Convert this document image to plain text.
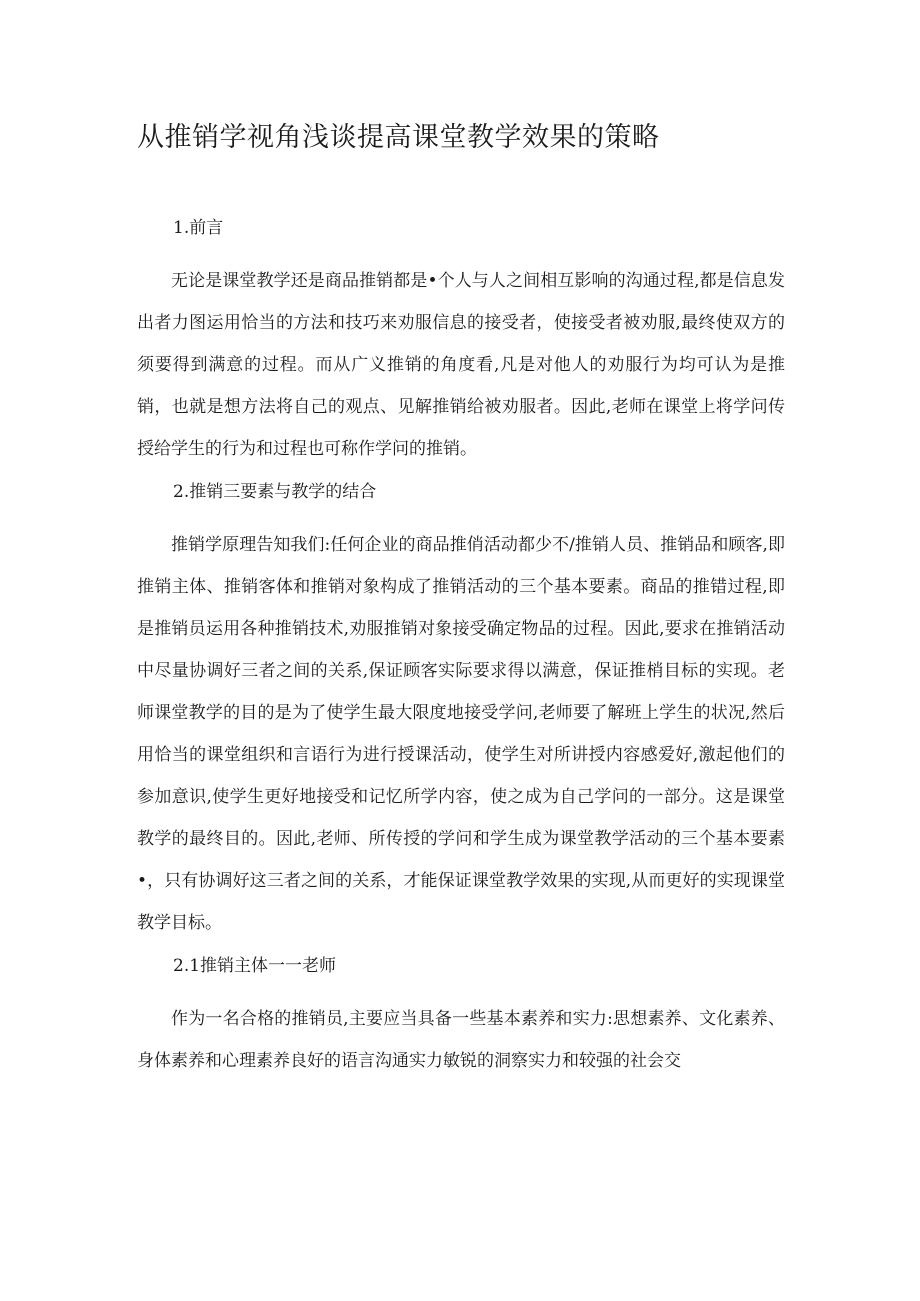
从推销学视角浅谈提高课堂教学效果的策略

1.前言

无论是课堂教学还是商品推销都是•个人与人之间相互影响的沟通过程,都是信息发出者力图运用恰当的方法和技巧来劝服信息的接受者，使接受者被劝服,最终使双方的须要得到满意的过程。而从广义推销的角度看,凡是对他人的劝服行为均可认为是推销，也就是想方法将自己的观点、见解推销给被劝服者。因此,老师在课堂上将学问传授给学生的行为和过程也可称作学问的推销。

2.推销三要素与教学的结合

推销学原理告知我们:任何企业的商品推俏活动都少不/推销人员、推销品和顾客,即推销主体、推销客体和推销对象构成了推销活动的三个基本要素。商品的推错过程,即是推销员运用各种推销技术,劝服推销对象接受确定物品的过程。因此,要求在推销活动中尽量协调好三者之间的关系,保证顾客实际要求得以满意，保证推梢目标的实现。老师课堂教学的目的是为了使学生最大限度地接受学问,老师要了解班上学生的状况,然后用恰当的课堂组织和言语行为进行授课活动，使学生对所讲授内容感爱好,激起他们的参加意识,使学生更好地接受和记忆所学内容，使之成为自己学问的一部分。这是课堂教学的最终目的。因此,老师、所传授的学问和学生成为课堂教学活动的三个基本要素•，只有协调好这三者之间的关系，才能保证课堂教学效果的实现,从而更好的实现课堂教学目标。

2.1推销主体一一老师

作为一名合格的推销员,主要应当具备一些基本素养和实力:思想素养、文化素养、身体素养和心理素养良好的语言沟通实力敏锐的洞察实力和较强的社会交
